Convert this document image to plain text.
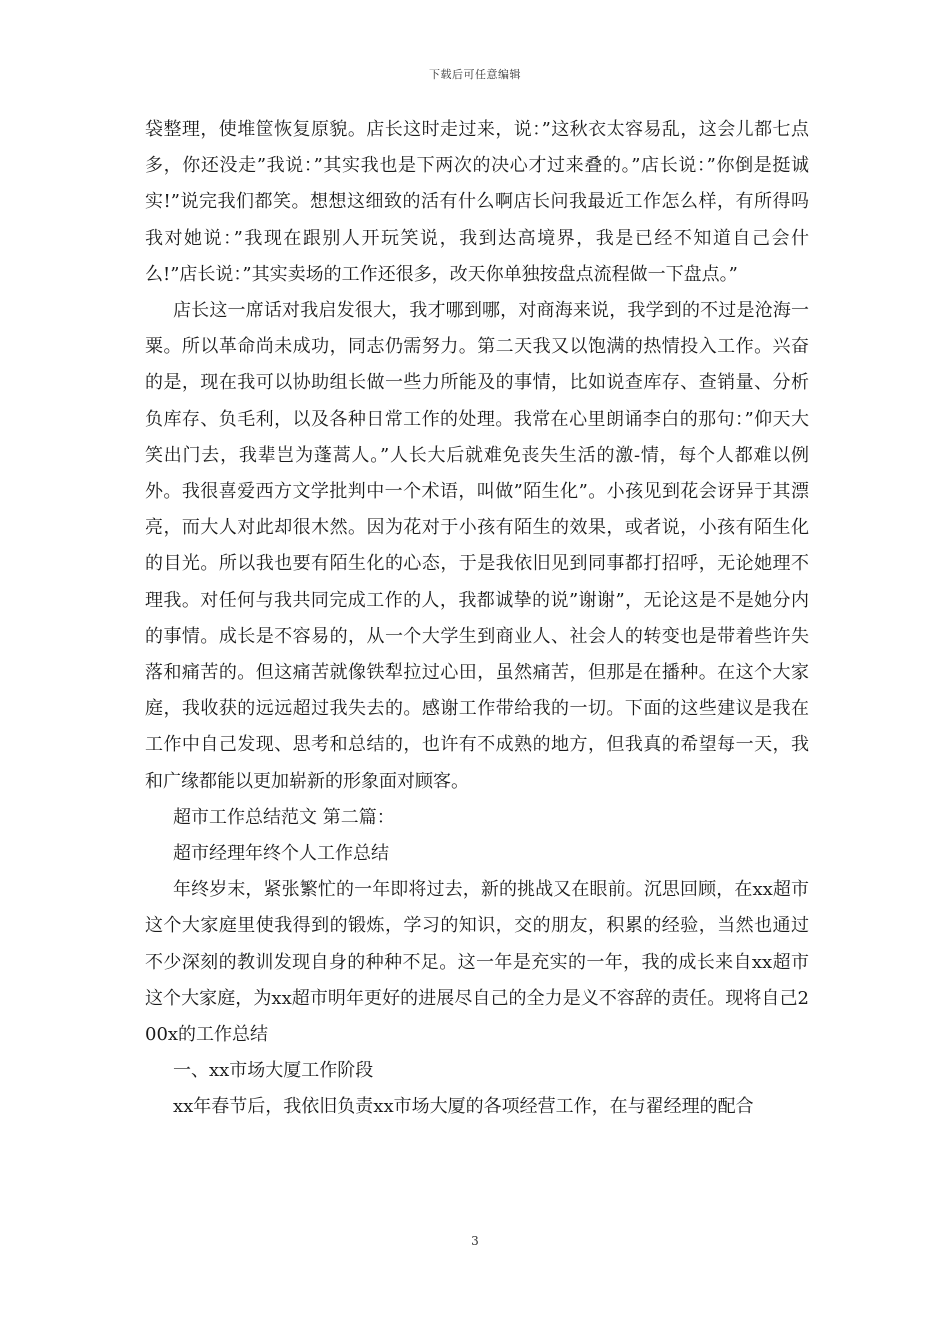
下载后可任意编辑

袋整理，使堆筐恢复原貌。店长这时走过来，说：”这秋衣太容易乱，这会儿都七点多，你还没走”我说：”其实我也是下两次的决心才过来叠的。”店长说：”你倒是挺诚实!”说完我们都笑。想想这细致的活有什么啊店长问我最近工作怎么样，有所得吗我对她说：”我现在跟别人开玩笑说，我到达高境界，我是已经不知道自己会什么!”店长说：”其实卖场的工作还很多，改天你单独按盘点流程做一下盘点。”

店长这一席话对我启发很大，我才哪到哪，对商海来说，我学到的不过是沧海一粟。所以革命尚未成功，同志仍需努力。第二天我又以饱满的热情投入工作。兴奋的是，现在我可以协助组长做一些力所能及的事情，比如说查库存、查销量、分析负库存、负毛利，以及各种日常工作的处理。我常在心里朗诵李白的那句：”仰天大笑出门去，我辈岂为蓬蒿人。”人长大后就难免丧失生活的激-情，每个人都难以例外。我很喜爱西方文学批判中一个术语，叫做”陌生化”。小孩见到花会讶异于其漂亮，而大人对此却很木然。因为花对于小孩有陌生的效果，或者说，小孩有陌生化的目光。所以我也要有陌生化的心态，于是我依旧见到同事都打招呼，无论她理不理我。对任何与我共同完成工作的人，我都诚挚的说”谢谢”，无论这是不是她分内的事情。成长是不容易的，从一个大学生到商业人、社会人的转变也是带着些许失落和痛苦的。但这痛苦就像铁犁拉过心田，虽然痛苦，但那是在播种。在这个大家庭，我收获的远远超过我失去的。感谢工作带给我的一切。下面的这些建议是我在工作中自己发现、思考和总结的，也许有不成熟的地方，但我真的希望每一天，我和广缘都能以更加崭新的形象面对顾客。

超市工作总结范文 第二篇：

超市经理年终个人工作总结

年终岁末，紧张繁忙的一年即将过去，新的挑战又在眼前。沉思回顾，在xx超市这个大家庭里使我得到的锻炼，学习的知识，交的朋友，积累的经验，当然也通过不少深刻的教训发现自身的种种不足。这一年是充实的一年，我的成长来自xx超市这个大家庭，为xx超市明年更好的进展尽自己的全力是义不容辞的责任。现将自己200x的工作总结

一、xx市场大厦工作阶段

xx年春节后，我依旧负责xx市场大厦的各项经营工作，在与翟经理的配合

3
